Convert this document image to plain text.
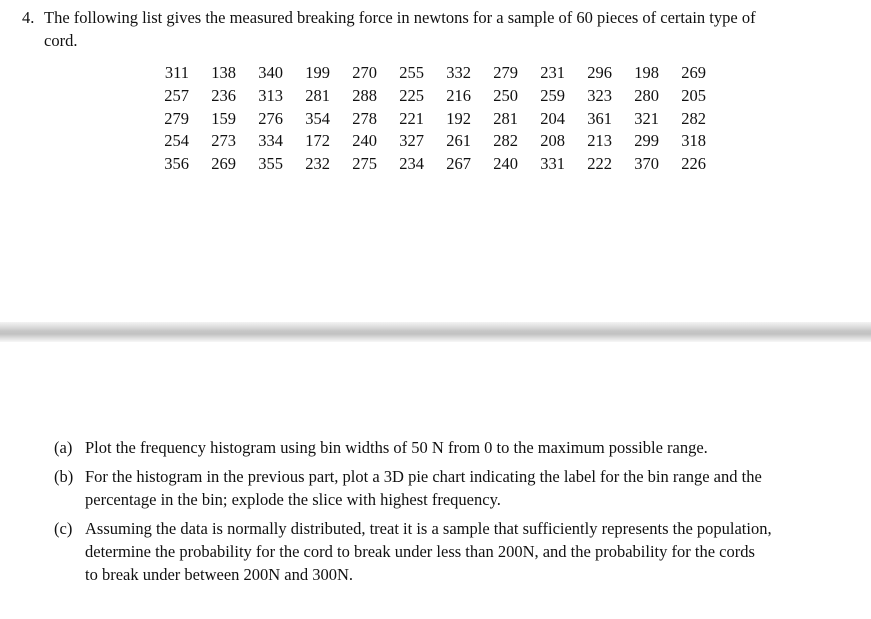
4. The following list gives the measured breaking force in newtons for a sample of 60 pieces of certain type of
cord.
311	138	340	199	270	255	332	279	231	296	198	269
257	236	313	281	288	225	216	250	259	323	280	205
279	159	276	354	278	221	192	281	204	361	321	282
254	273	334	172	240	327	261	282	208	213	299	318
356	269	355	232	275	234	267	240	331	222	370	226
(a) Plot the frequency histogram using bin widths of 50 N from 0 to the maximum possible range.
(b) For the histogram in the previous part, plot a 3D pie chart indicating the label for the bin range and the
percentage in the bin; explode the slice with highest frequency.
(c) Assuming the data is normally distributed, treat it is a sample that sufficiently represents the population,
determine the probability for the cord to break under less than 200N, and the probability for the cords
to break under between 200N and 300N.
